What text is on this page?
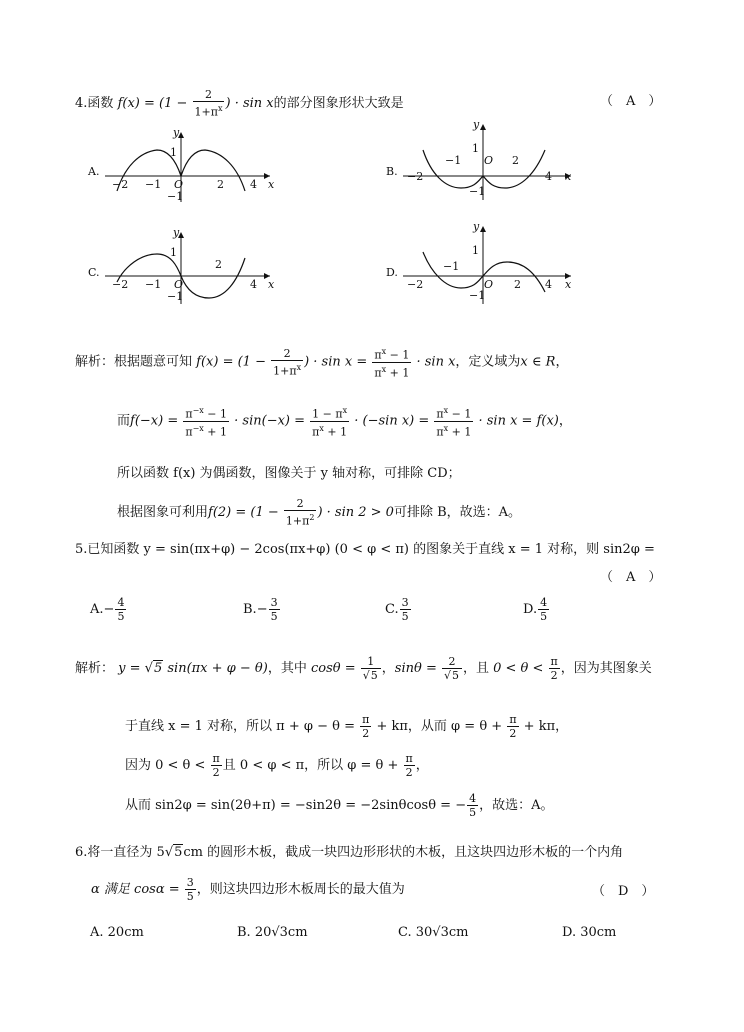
4.函数 $f(x) = (1 - \frac{2}{1+\pi^x}$ ) · sin x的部分图象形状大致是	（　A　）
A.
y
1
−1
−2 −1 O	2 4 x
B.
y
1
−1
−2
−1 O 2
4 x
C.
y
1
−1
−2 −1 O
2
4 x
D.
y
1
−1
−2
−1
O 2 4 x
解析：根据题意可知 $f(x) = (1 - \frac{2}{1+\pi^x}$ ) · $\sin x = \frac{\pi^x - 1}{\pi^x + 1} \cdot \sin x$，定义域为x ∈ R，
而$f(-x) = \frac{\pi^{-x} - 1}{\pi^{-x} + 1} \cdot \sin(-x) = \frac{1 - \pi^x}{\pi^x + 1} \cdot (-\sin$ $x) = \frac{\pi^x - 1}{\pi^x + 1} \cdot \sin x = f(x)$，
所以函数 f(x) 为偶函数，图像关于 y 轴对称，可排除 CD；
根据图象可利用$f(2) = (1 - \frac{2}{1+\pi^2}$ ) · sin 2 > 0可排除 B，故选：A。
5.已知函数 y = sin(πx+φ) − 2cos(πx+φ) (0 < φ < π) 的图象关于直线 x = 1 对称，则 sin2φ =
（　A　）
$A.- \frac{4}{5}$	$B.- \frac{3}{5}$	C. $\frac{3}{5}$	D. $\frac{4}{5}$
解析： y = √5 sin(πx + φ − θ)，其中 $\cos\theta = \frac{1}{√5}$ ，$\sin\theta = \frac{2}{√5}$ ，且 $0 < \theta < \frac{\pi}{2}$ ，因为其图象关
于直线 x = 1 对称，所以 $\pi + \varphi - \theta = \frac{\pi}{2} + k\pi$，从而 $\varphi = \theta + \frac{\pi}{2} + k\pi$，
因为 $0 < \theta < \frac{\pi}{2}$ 且 0 < φ < π，所以 $\varphi = \theta + \frac{\pi}{2}$ ，
从而 sin2φ = sin(2θ+π) = −sin2θ = −2sinθcosθ = − $\frac{4}{5}$ ，故选：A。
6.将一直径为 5√5cm 的圆形木板，截成一块四边形形状的木板，且这块四边形木板的一个内角
α 满足 $\cos\alpha = \frac{3}{5}$ ，则这块四边形木板周长的最大值为	（　D　）
A. 20cm	B. 20√3cm	C. 30√3cm	D. 30cm
